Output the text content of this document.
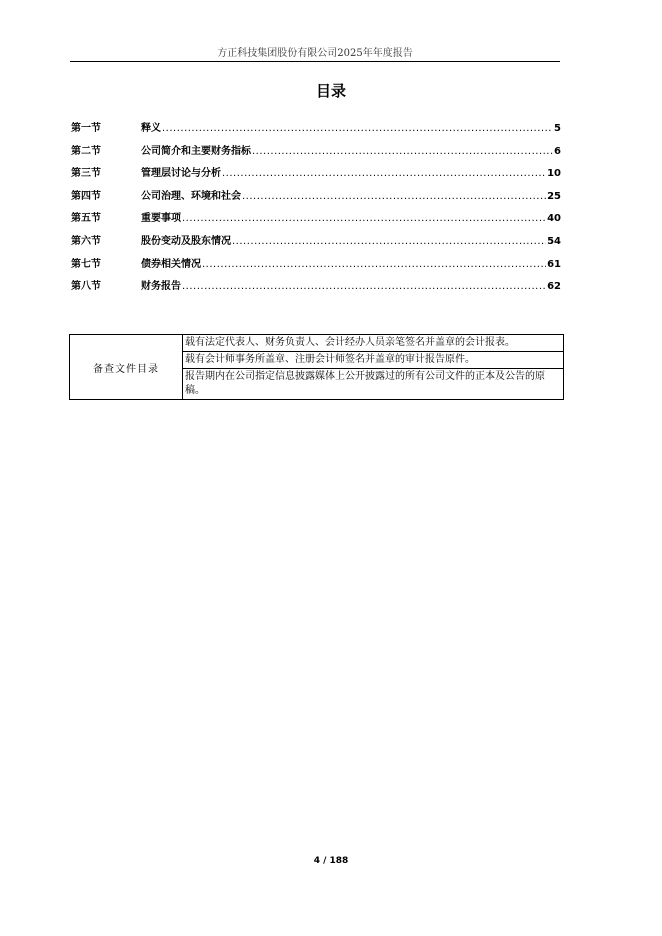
方正科技集团股份有限公司2025年年度报告
目录
第一节	释义 .....	5
第二节	公司简介和主要财务指标 .....	6
第三节	管理层讨论与分析 .....	10
第四节	公司治理、环境和社会 .....	25
第五节	重要事项 .....	40
第六节	股份变动及股东情况 .....	54
第七节	债券相关情况 .....	61
第八节	财务报告 .....	62
备查文件目录	载有法定代表人、财务负责人、会计经办人员亲笔签名并盖章的会计报表。
载有会计师事务所盖章、注册会计师签名并盖章的审计报告原件。
报告期内在公司指定信息披露媒体上公开披露过的所有公司文件的正本及公告的原稿。
4 / 188
